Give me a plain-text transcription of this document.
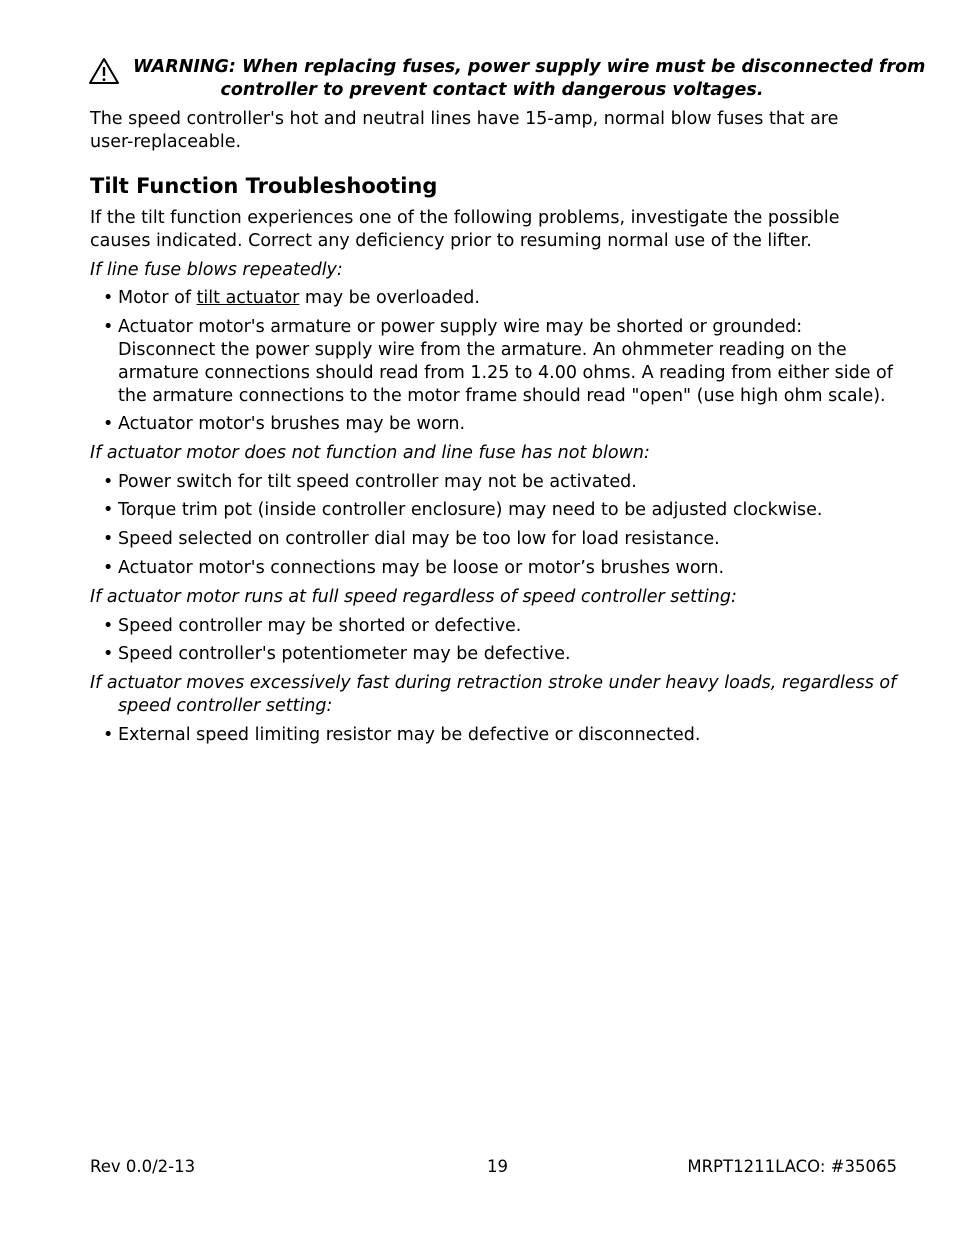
WARNING: When replacing fuses, power supply wire must be disconnected from
controller to prevent contact with dangerous voltages.
The speed controller's hot and neutral lines have 15-amp, normal blow fuses that are user-replaceable.
Tilt Function Troubleshooting
If the tilt function experiences one of the following problems, investigate the possible causes indicated. Correct any deficiency prior to resuming normal use of the lifter.
If line fuse blows repeatedly:
• Motor of tilt actuator may be overloaded.
• Actuator motor's armature or power supply wire may be shorted or grounded: Disconnect the power supply wire from the armature. An ohmmeter reading on the armature connections should read from 1.25 to 4.00 ohms. A reading from either side of the armature connections to the motor frame should read "open" (use high ohm scale).
• Actuator motor's brushes may be worn.
If actuator motor does not function and line fuse has not blown:
• Power switch for tilt speed controller may not be activated.
• Torque trim pot (inside controller enclosure) may need to be adjusted clockwise.
• Speed selected on controller dial may be too low for load resistance.
• Actuator motor's connections may be loose or motor’s brushes worn.
If actuator motor runs at full speed regardless of speed controller setting:
• Speed controller may be shorted or defective.
• Speed controller's potentiometer may be defective.
If actuator moves excessively fast during retraction stroke under heavy loads, regardless of
speed controller setting:
• External speed limiting resistor may be defective or disconnected.
Rev 0.0/2-13	19	MRPT1211LACO: #35065
